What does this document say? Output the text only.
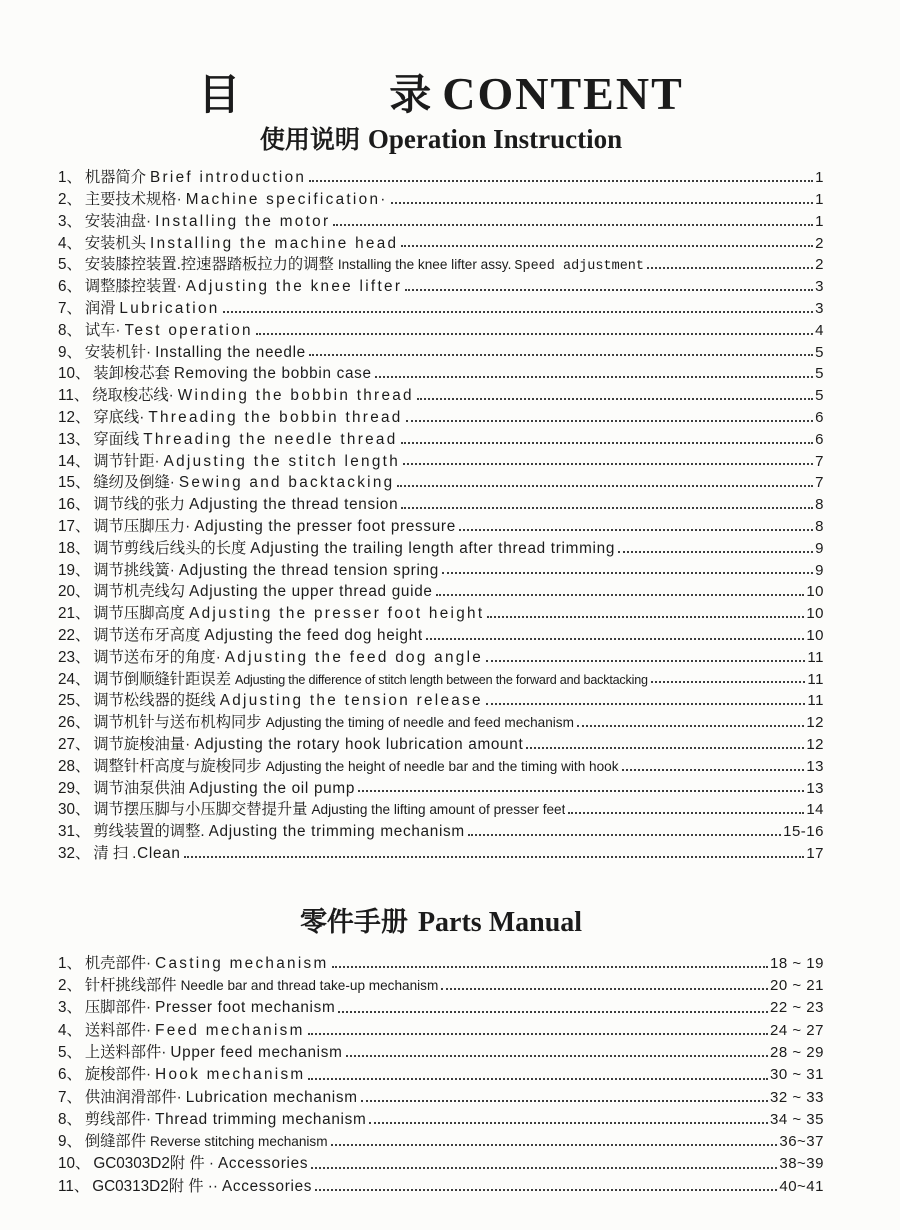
目	录 CONTENT
使用说明 Operation Instruction
1、 机器简介 Brief introduction	1
2、 主要技术规格· Machine specification·	1
3、 安装油盘· Installing the motor	1
4、 安装机头 Installing the machine head	2
5、 安装膝控装置.控速器踏板拉力的调整 Installing the knee lifter assy. Speed adjustment	2
6、 调整膝控装置· Adjusting the knee lifter	3
7、 润滑 Lubrication	3
8、 试车· Test operation	4
9、 安装机针· Installing the needle	5
10、 装卸梭芯套 Removing the bobbin case	5
11、 绕取梭芯线· Winding the bobbin thread	5
12、 穿底线· Threading the bobbin thread	6
13、 穿面线 Threading the needle thread	6
14、 调节针距· Adjusting the stitch length	7
15、 缝纫及倒缝· Sewing and backtacking	7
16、 调节线的张力 Adjusting the thread tension	8
17、 调节压脚压力· Adjusting the presser foot pressure	8
18、 调节剪线后线头的长度 Adjusting the trailing length after thread trimming	9
19、 调节挑线簧· Adjusting the thread tension spring	9
20、 调节机壳线勾 Adjusting the upper thread guide	10
21、 调节压脚高度 Adjusting the presser foot height	10
22、 调节送布牙高度 Adjusting the feed dog height	10
23、 调节送布牙的角度· Adjusting the feed dog angle	11
24、 调节倒顺缝针距误差 Adjusting the difference of stitch length between the forward and backtacking	11
25、 调节松线器的挺线 Adjusting the tension release	11
26、 调节机针与送布机构同步 Adjusting the timing of needle and feed mechanism	12
27、 调节旋梭油量· Adjusting the rotary hook lubrication amount	12
28、 调整针杆高度与旋梭同步 Adjusting the height of needle bar and the timing with hook	13
29、 调节油泵供油 Adjusting the oil pump	13
30、 调节摆压脚与小压脚交替提升量 Adjusting the lifting amount of presser feet	14
31、 剪线装置的调整. Adjusting the trimming mechanism	15-16
32、 清 扫 .Clean	17
零件手册 Parts Manual
1、 机壳部件· Casting mechanism	18 ~ 19
2、 针杆挑线部件 Needle bar and thread take-up mechanism	20 ~ 21
3、 压脚部件· Presser foot mechanism	22 ~ 23
4、 送料部件· Feed mechanism	24 ~ 27
5、 上送料部件· Upper feed mechanism	28 ~ 29
6、 旋梭部件· Hook mechanism	30 ~ 31
7、 供油润滑部件· Lubrication mechanism	32 ~ 33
8、 剪线部件· Thread trimming mechanism	34 ~ 35
9、 倒缝部件 Reverse stitching mechanism	36~37
10、 GC0303D2附 件 · Accessories	38~39
11、 GC0313D2附 件 ·· Accessories	40~41
